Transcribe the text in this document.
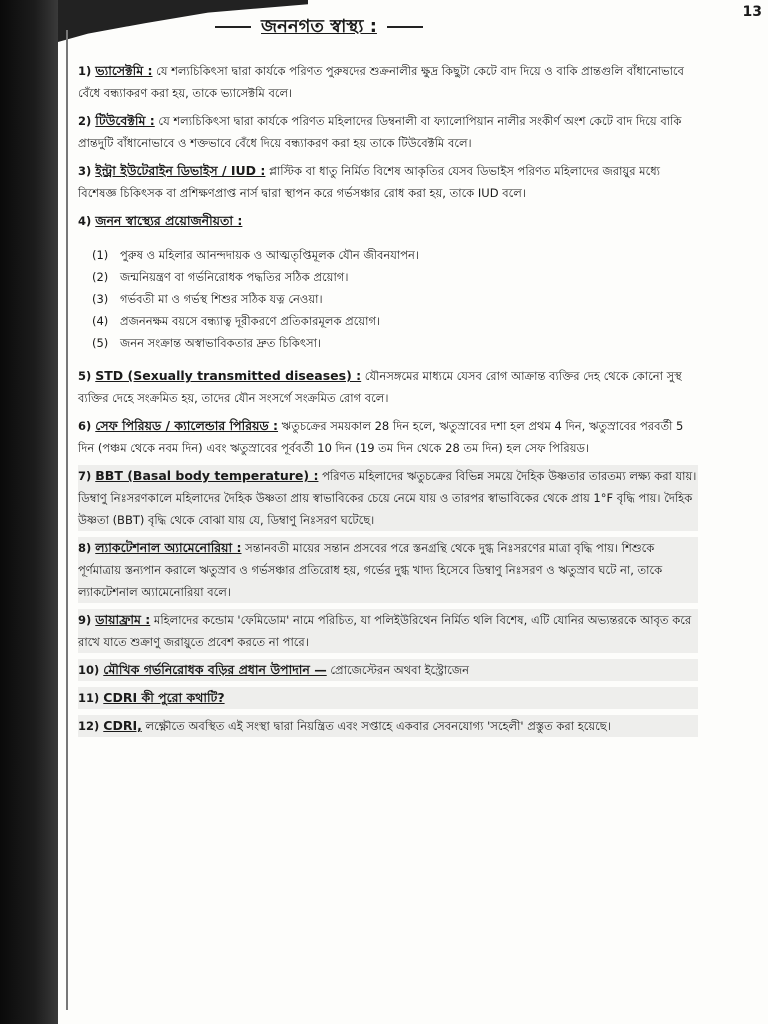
13
জননগত স্বাস্থ্য :
1) ভ্যাসেক্টমি : যে শল্যচিকিৎসা দ্বারা কার্যকে পরিণত পুরুষদের শুক্রনালীর ক্ষুদ্র কিছুটা কেটে বাদ দিয়ে ও বাকি প্রান্তগুলি বাঁধানোভাবে বেঁধে বন্ধ্যাকরণ করা হয়, তাকে ভ্যাসেক্টমি বলে।
2) টিউবেক্টমি : যে শল্যচিকিৎসা দ্বারা কার্যকে পরিণত মহিলাদের ডিম্বনালী বা ফ্যালোপিয়ান নালীর সংকীর্ণ অংশ কেটে বাদ দিয়ে বাকি প্রান্তদুটি বাঁধানোভাবে ও শক্তভাবে বেঁধে দিয়ে বন্ধ্যাকরণ করা হয় তাকে টিউবেক্টমি বলে।
3) ইন্ট্রা ইউটেরাইন ডিভাইস / IUD : প্লাস্টিক বা ধাতু নির্মিত বিশেষ আকৃতির যেসব ডিভাইস পরিণত মহিলাদের জরায়ুর মধ্যে বিশেষজ্ঞ চিকিৎসক বা প্রশিক্ষণপ্রাপ্ত নার্স দ্বারা স্থাপন করে গর্ভসঞ্চার রোধ করা হয়, তাকে IUD বলে।
4) জনন স্বাস্থ্যের প্রয়োজনীয়তা :
(1) পুরুষ ও মহিলার আনন্দদায়ক ও আত্মতৃপ্তিমূলক যৌন জীবনযাপন।
(2) জন্মনিয়ন্ত্রণ বা গর্ভনিরোধক পদ্ধতির সঠিক প্রয়োগ।
(3) গর্ভবতী মা ও গর্ভস্থ শিশুর সঠিক যত্ন নেওয়া।
(4) প্রজননক্ষম বয়সে বন্ধ্যাত্ব দূরীকরণে প্রতিকারমূলক প্রয়োগ।
(5) জনন সংক্রান্ত অস্বাভাবিকতার দ্রুত চিকিৎসা।
5) STD (Sexually transmitted diseases) : যৌনসঙ্গমের মাধ্যমে যেসব রোগ আক্রান্ত ব্যক্তির দেহ থেকে কোনো সুস্থ ব্যক্তির দেহে সংক্রমিত হয়, তাদের যৌন সংসর্গে সংক্রমিত রোগ বলে।
6) সেফ পিরিয়ড / ক্যালেন্ডার পিরিয়ড : ঋতুচক্রের সময়কাল 28 দিন হলে, ঋতুস্রাবের দশা হল প্রথম 4 দিন, ঋতুস্রাবের পরবর্তী 5 দিন (পঞ্চম থেকে নবম দিন) এবং ঋতুস্রাবের পূর্ববর্তী 10 দিন (19 তম দিন থেকে 28 তম দিন) হল সেফ পিরিয়ড।
7) BBT (Basal body temperature) : পরিণত মহিলাদের ঋতুচক্রের বিভিন্ন সময়ে দৈহিক উষ্ণতার তারতম্য লক্ষ্য করা যায়। ডিম্বাণু নিঃসরণকালে মহিলাদের দৈহিক উষ্ণতা প্রায় স্বাভাবিকের চেয়ে নেমে যায় ও তারপর স্বাভাবিকের থেকে প্রায় 1°F বৃদ্ধি পায়। দৈহিক উষ্ণতা (BBT) বৃদ্ধি থেকে বোঝা যায় যে, ডিম্বাণু নিঃসরণ ঘটেছে।
8) ল্যাকটেশনাল অ্যামেনোরিয়া : সন্তানবতী মায়ের সন্তান প্রসবের পরে স্তনগ্রন্থি থেকে দুগ্ধ নিঃসরণের মাত্রা বৃদ্ধি পায়। শিশুকে পূর্ণমাত্রায় স্তন্যপান করালে ঋতুস্রাব ও গর্ভসঞ্চার প্রতিরোধ হয়, গর্ভের দুগ্ধ খাদ্য হিসেবে ডিম্বাণু নিঃসরণ ও ঋতুস্রাব ঘটে না, তাকে ল্যাকটেশনাল অ্যামেনোরিয়া বলে।
9) ডায়াফ্রাম : মহিলাদের কন্ডোম 'ফেমিডোম' নামে পরিচিত, যা পলিইউরিথেন নির্মিত থলি বিশেষ, এটি যোনির অভ্যন্তরকে আবৃত করে রাখে যাতে শুক্রাণু জরায়ুতে প্রবেশ করতে না পারে।
10) মৌখিক গর্ভনিরোধক বড়ির প্রধান উপাদান — প্রোজেস্টেরন অথবা ইস্ট্রোজেন
11) CDRI কী পুরো কথাটি?
12) CDRI, লক্ষ্ণৌতে অবস্থিত এই সংস্থা দ্বারা নিয়ন্ত্রিত এবং সপ্তাহে একবার সেবনযোগ্য 'সহেলী' প্রস্তুত করা হয়েছে।
